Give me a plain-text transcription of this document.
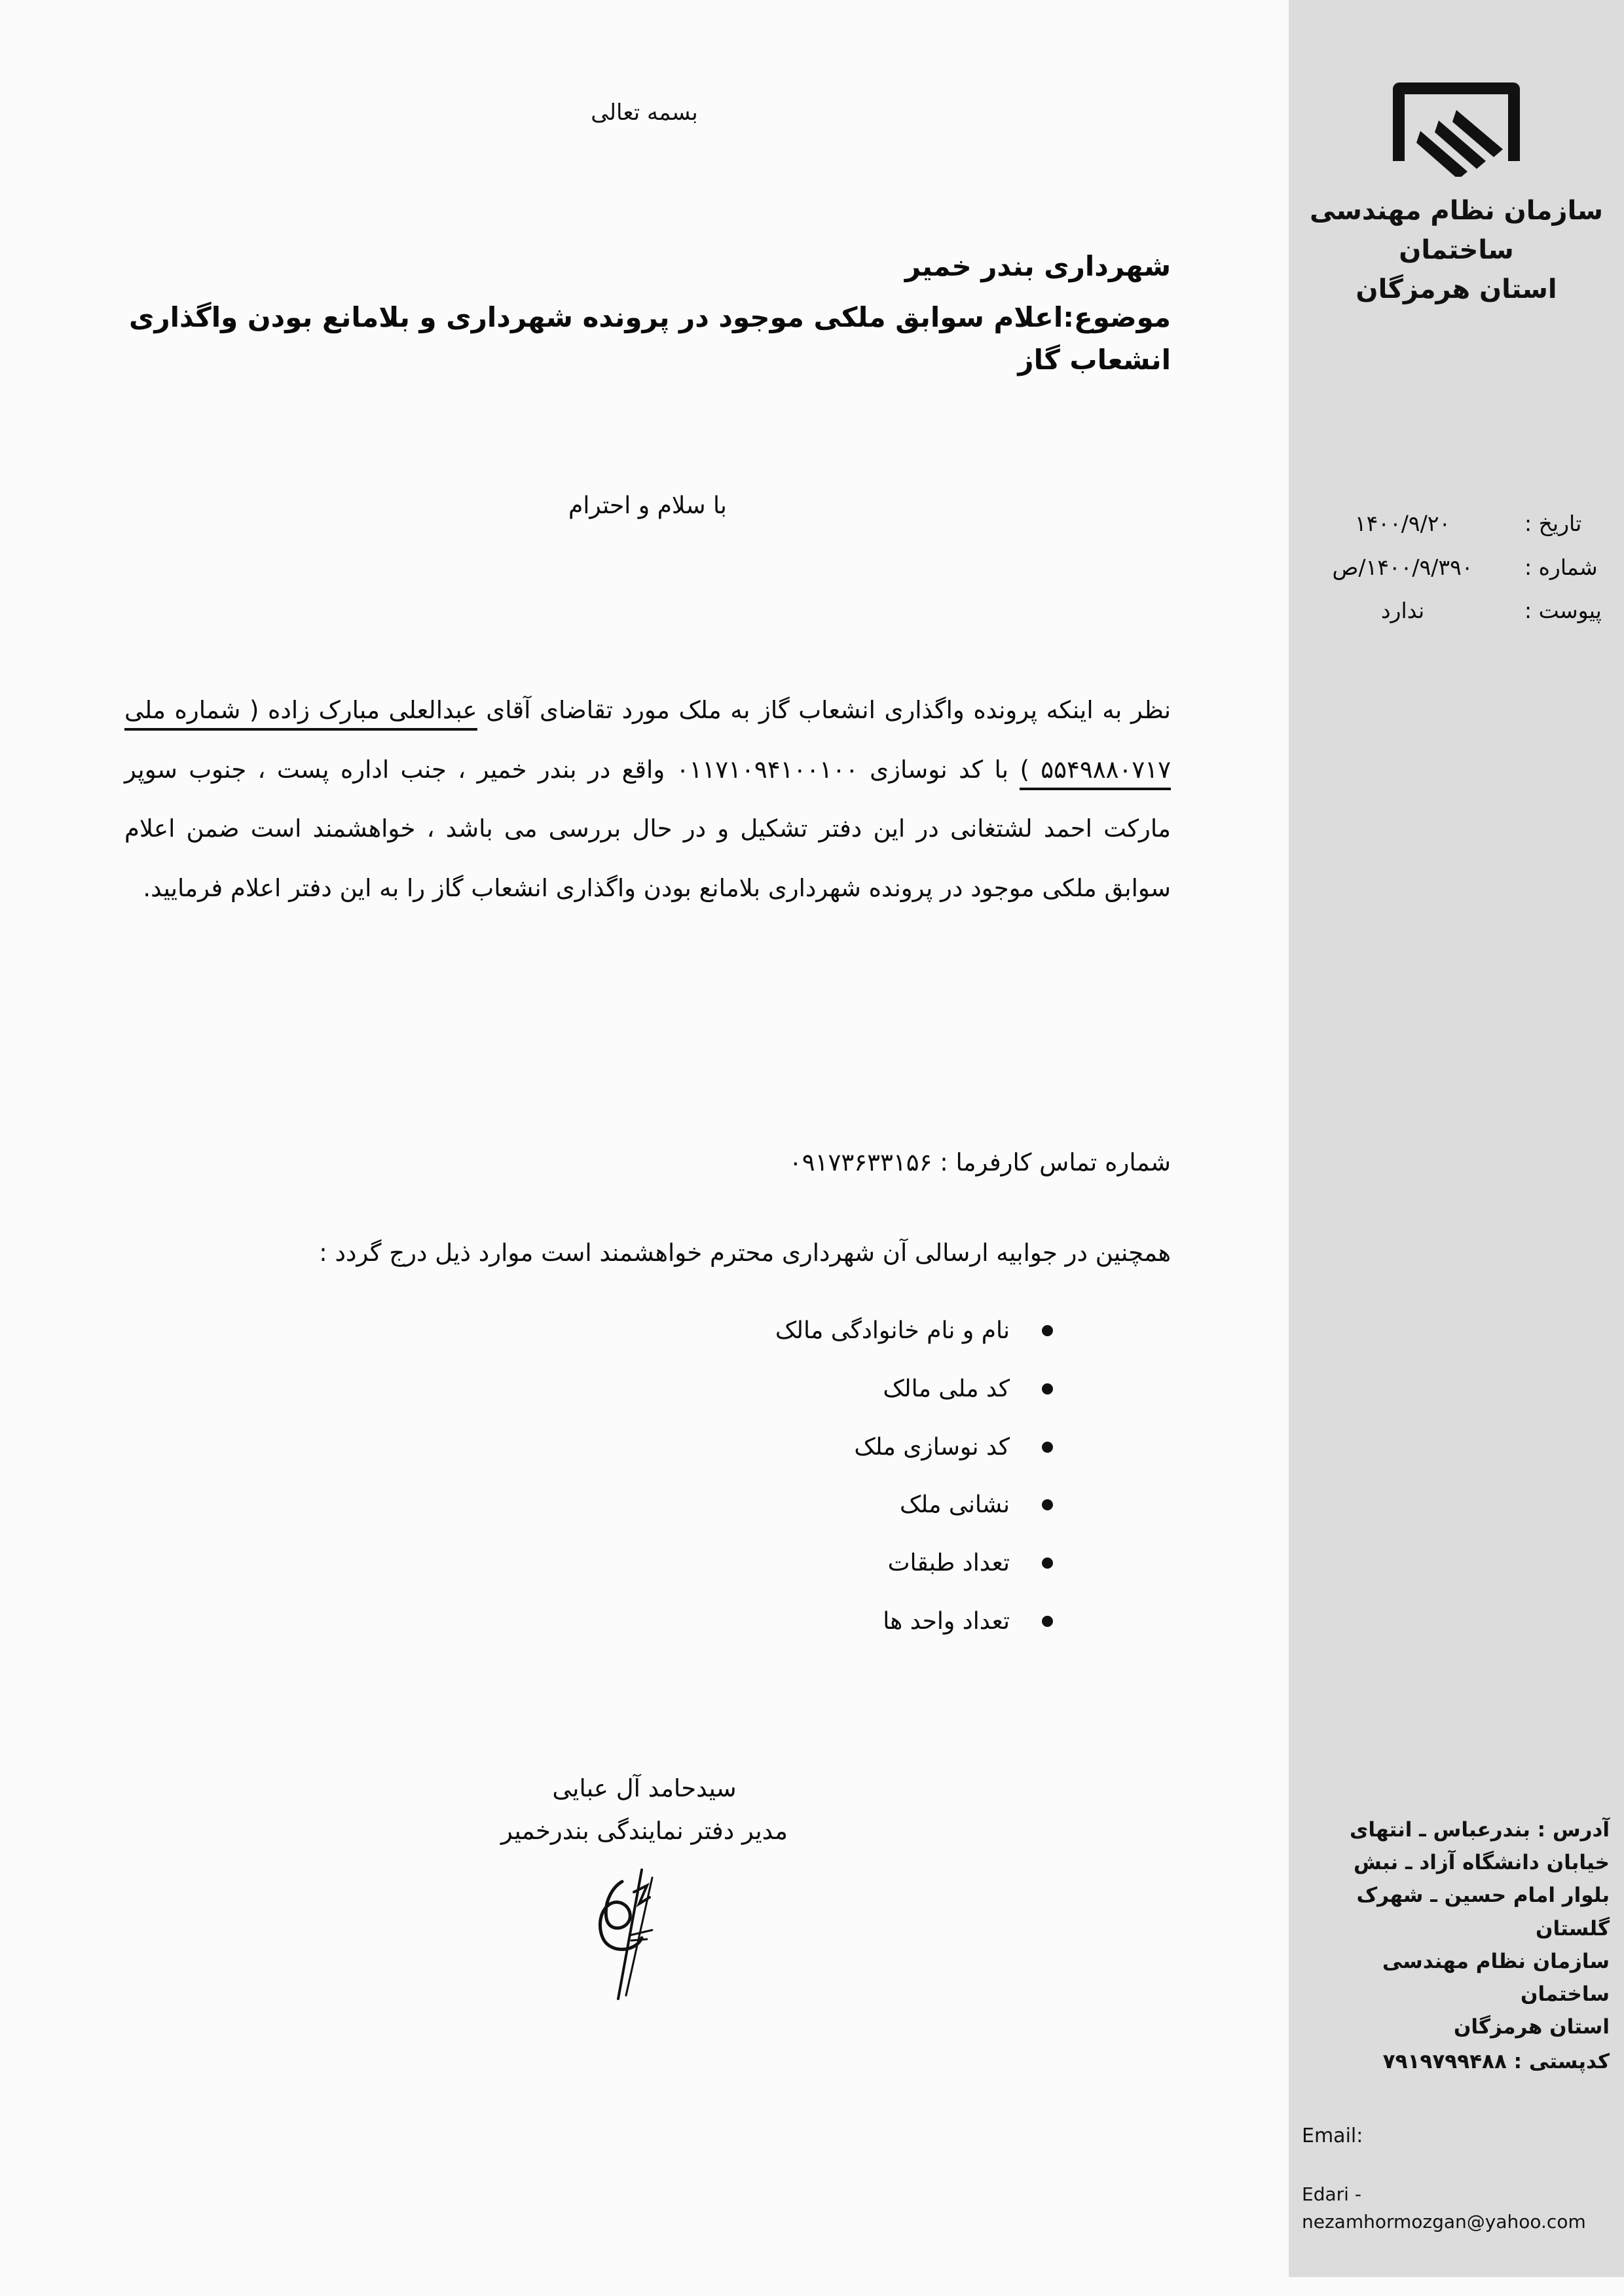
بسمه تعالی
شهرداری بندر خمیر
موضوع:اعلام سوابق ملکی موجود در پرونده شهرداری و بلامانع بودن واگذاری انشعاب گاز
با سلام و احترام

نظر به اینکه پرونده واگذاری انشعاب گاز به ملک مورد تقاضای آقای عبدالعلی مبارک زاده ( شماره ملی ۵۵۴۹۸۸۰۷۱۷ ) با کد نوسازی ۰۱۱۷۱۰۹۴۱۰۰۱۰۰ واقع در بندر خمیر ، جنب اداره پست ، جنوب سوپر مارکت احمد لشتغانی در این دفتر تشکیل و در حال بررسی می باشد ، خواهشمند است ضمن اعلام سوابق ملکی موجود در پرونده شهرداری بلامانع بودن واگذاری انشعاب گاز را به این دفتر اعلام فرمایید.

شماره تماس کارفرما : ۰۹۱۷۳۶۳۳۱۵۶
همچنین در جوابیه ارسالی آن شهرداری محترم خواهشمند است موارد ذیل درج گردد :
نام و نام خانوادگی مالک
کد ملی مالک
کد نوسازی ملک
نشانی ملک
تعداد طبقات
تعداد واحد ها
سیدحامد آل عبایی
مدیر دفتر نمایندگی بندرخمیر
سازمان نظام مهندسی ساختمان
استان هرمزگان
تاریخ :
۱۴۰۰/۹/۲۰
شماره :
۱۴۰۰/۹/۳۹۰/ص
پیوست :
ندارد
آدرس : بندرعباس ـ انتهای
خیابان دانشگاه آزاد ـ نبش
بلوار امام حسین ـ شهرک
گلستان
سازمان نظام مهندسی ساختمان
استان هرمزگان
کدپستی : ۷۹۱۹۷۹۹۴۸۸
Email:
Edari - nezamhormozgan@yahoo.com
